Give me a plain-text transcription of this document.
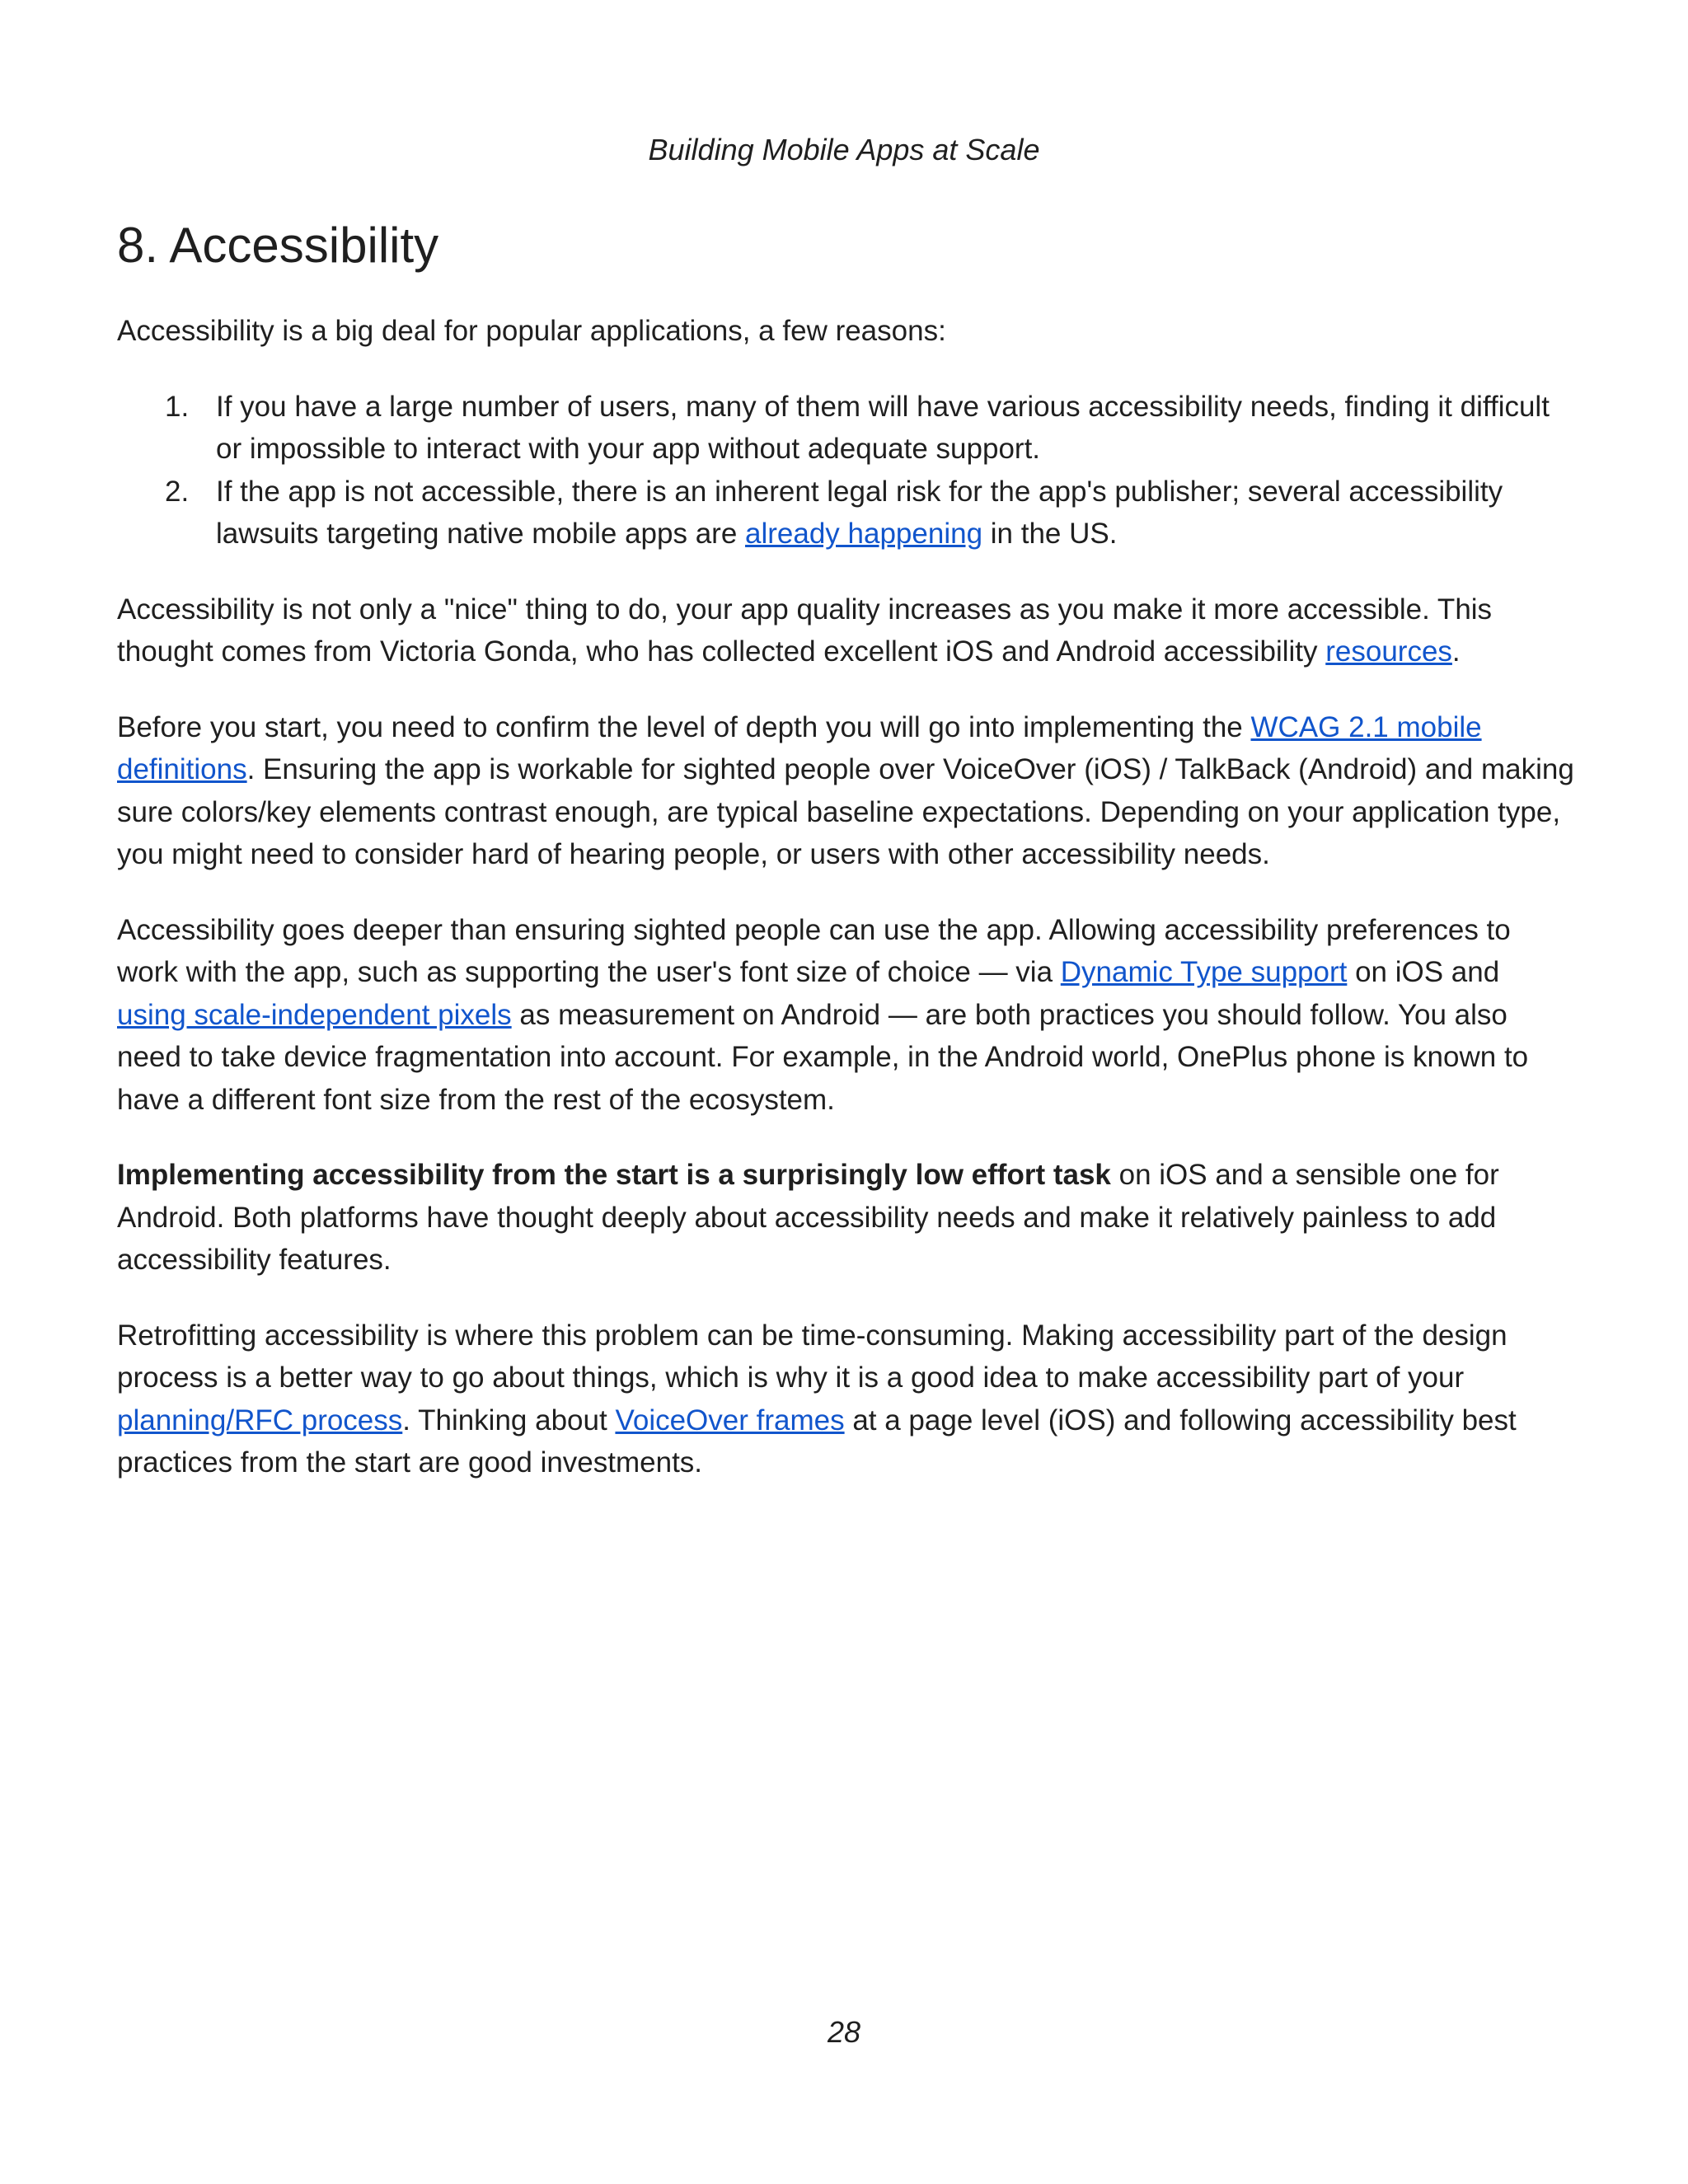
Building Mobile Apps at Scale
8. Accessibility

Accessibility is a big deal for popular applications, a few reasons:

1. If you have a large number of users, many of them will have various accessibility needs, finding it difficult or impossible to interact with your app without adequate support.
2. If the app is not accessible, there is an inherent legal risk for the app's publisher; several accessibility lawsuits targeting native mobile apps are already happening in the US.

Accessibility is not only a "nice" thing to do, your app quality increases as you make it more accessible. This thought comes from Victoria Gonda, who has collected excellent iOS and Android accessibility resources.

Before you start, you need to confirm the level of depth you will go into implementing the WCAG 2.1 mobile definitions. Ensuring the app is workable for sighted people over VoiceOver (iOS) / TalkBack (Android) and making sure colors/key elements contrast enough, are typical baseline expectations. Depending on your application type, you might need to consider hard of hearing people, or users with other accessibility needs.

Accessibility goes deeper than ensuring sighted people can use the app. Allowing accessibility preferences to work with the app, such as supporting the user's font size of choice — via Dynamic Type support on iOS and using scale-independent pixels as measurement on Android — are both practices you should follow. You also need to take device fragmentation into account. For example, in the Android world, OnePlus phone is known to have a different font size from the rest of the ecosystem.

Implementing accessibility from the start is a surprisingly low effort task on iOS and a sensible one for Android. Both platforms have thought deeply about accessibility needs and make it relatively painless to add accessibility features.

Retrofitting accessibility is where this problem can be time-consuming. Making accessibility part of the design process is a better way to go about things, which is why it is a good idea to make accessibility part of your planning/RFC process. Thinking about VoiceOver frames at a page level (iOS) and following accessibility best practices from the start are good investments.

28
